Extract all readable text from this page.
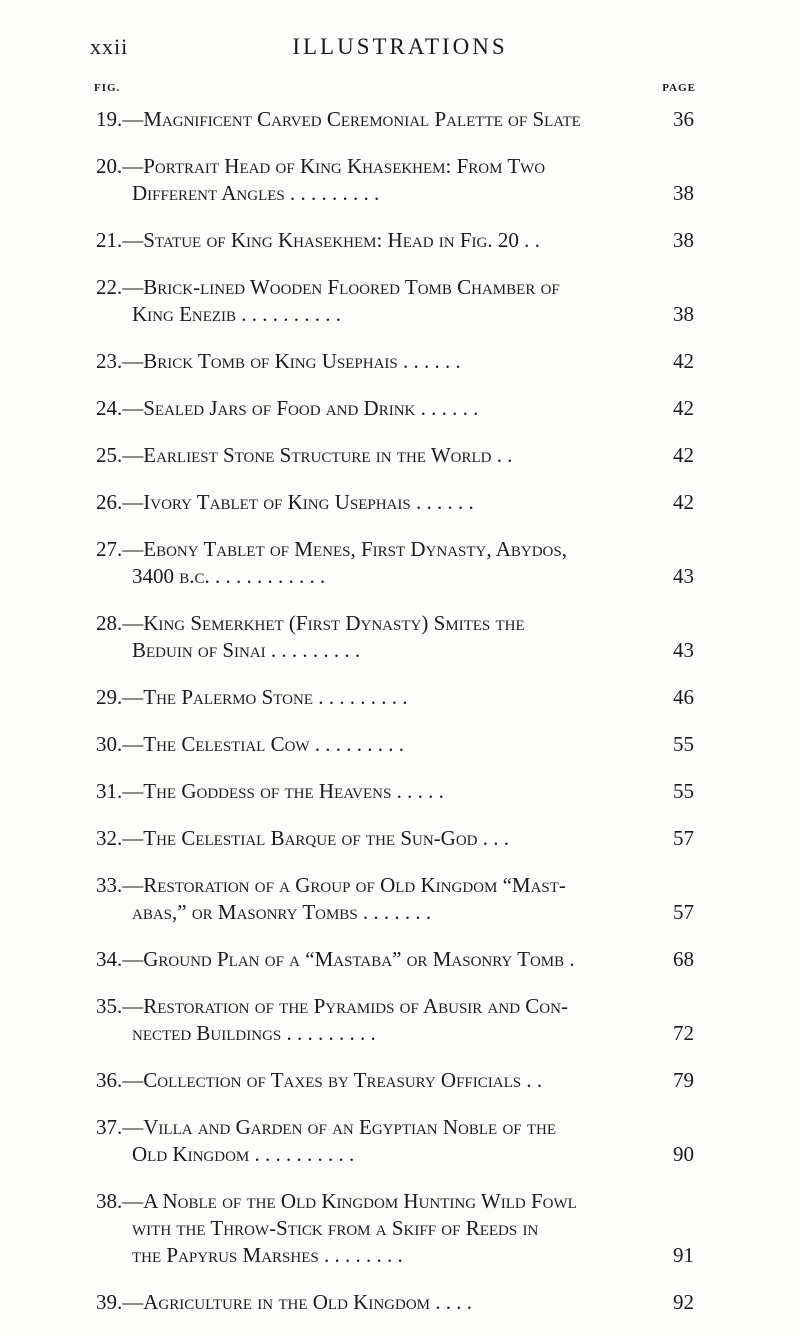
xxii	ILLUSTRATIONS
FIG.	PAGE
19.—Magnificent Carved Ceremonial Palette of Slate	36
20.—Portrait Head of King Khasekhem: From Two
Different Angles . . . . . . . . .	38
21.—Statue of King Khasekhem: Head in Fig. 20 . .	38
22.—Brick-lined Wooden Floored Tomb Chamber of
King Enezib . . . . . . . . . .	38
23.—Brick Tomb of King Usephais . . . . . .	42
24.—Sealed Jars of Food and Drink . . . . . .	42
25.—Earliest Stone Structure in the World . .	42
26.—Ivory Tablet of King Usephais . . . . . .	42
27.—Ebony Tablet of Menes, First Dynasty, Abydos,
3400 b.c. . . . . . . . . . . .	43
28.—King Semerkhet (First Dynasty) Smites the
Beduin of Sinai . . . . . . . . .	43
29.—The Palermo Stone . . . . . . . . .	46
30.—The Celestial Cow . . . . . . . . .	55
31.—The Goddess of the Heavens . . . . .	55
32.—The Celestial Barque of the Sun-God . . .	57
33.—Restoration of a Group of Old Kingdom “Mast-
abas,” or Masonry Tombs . . . . . . .	57
34.—Ground Plan of a “Mastaba” or Masonry Tomb .	68
35.—Restoration of the Pyramids of Abusir and Con-
nected Buildings . . . . . . . . .	72
36.—Collection of Taxes by Treasury Officials . .	79
37.—Villa and Garden of an Egyptian Noble of the
Old Kingdom . . . . . . . . . .	90
38.—A Noble of the Old Kingdom Hunting Wild Fowl
with the Throw-Stick from a Skiff of Reeds in
the Papyrus Marshes . . . . . . . .	91
39.—Agriculture in the Old Kingdom . . . .	92
